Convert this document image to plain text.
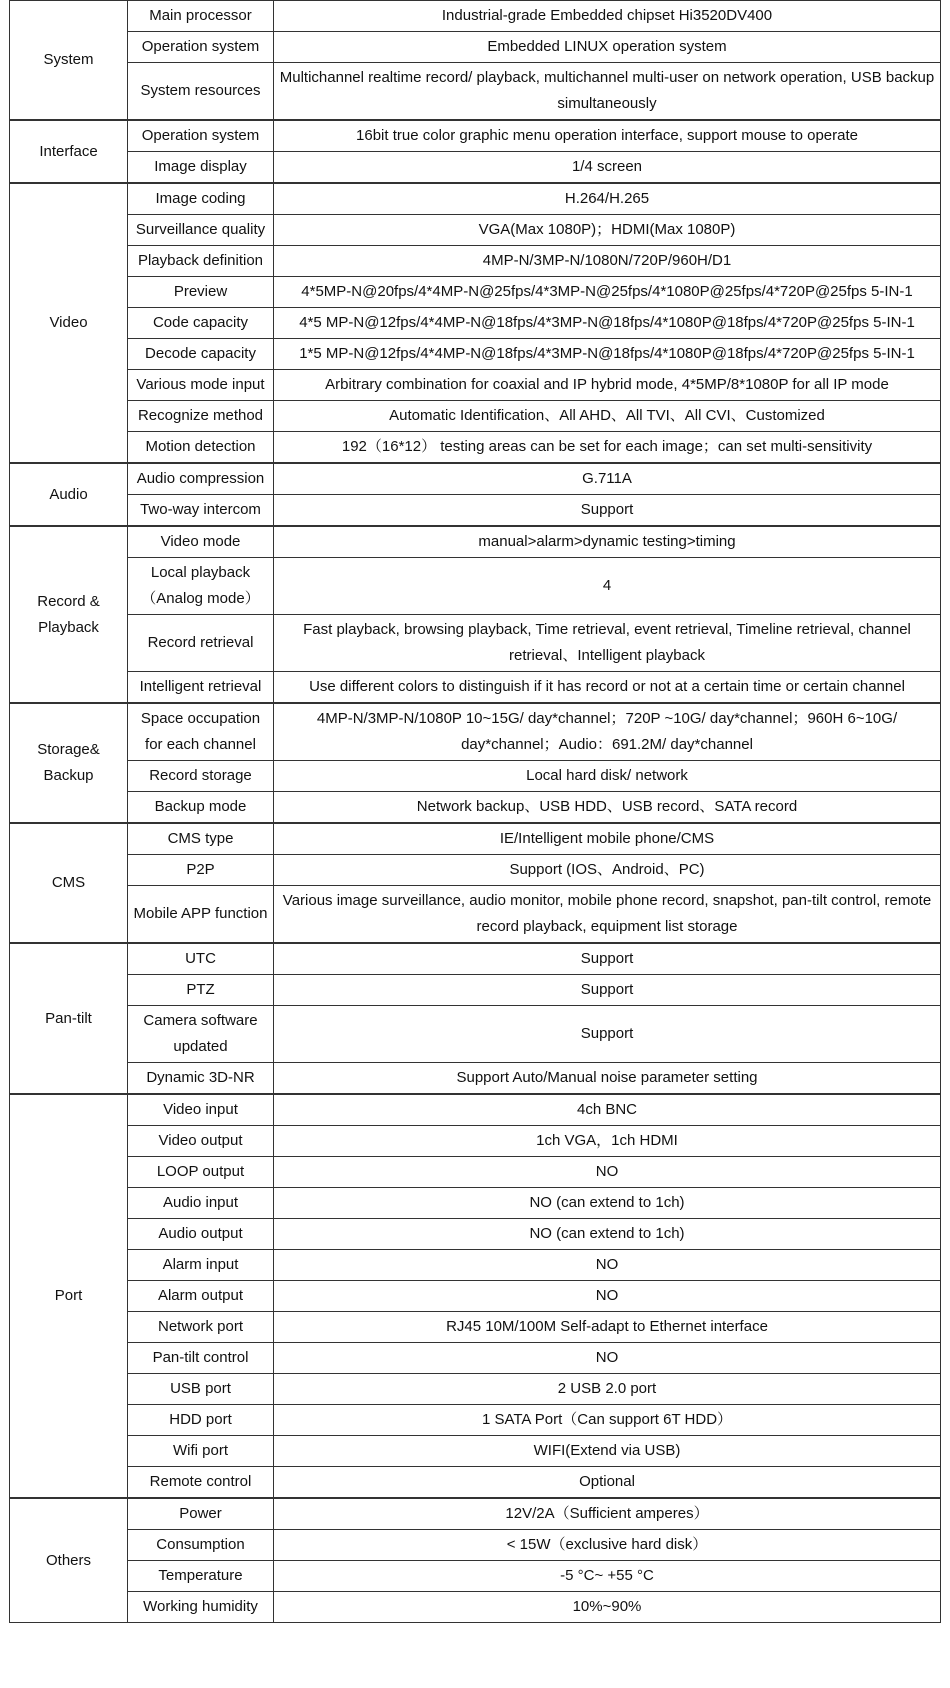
System	Main processor	Industrial-grade Embedded chipset Hi3520DV400
	Operation system	Embedded LINUX operation system
	System resources	Multichannel realtime record/ playback, multichannel multi-user on network operation, USB backup simultaneously
Interface	Operation system	16bit true color graphic menu operation interface, support mouse to operate
	Image display	1/4 screen
Video	Image coding	H.264/H.265
	Surveillance quality	VGA(Max 1080P)；HDMI(Max 1080P)
	Playback definition	4MP-N/3MP-N/1080N/720P/960H/D1
	Preview	4*5MP-N@20fps/4*4MP-N@25fps/4*3MP-N@25fps/4*1080P@25fps/4*720P@25fps 5-IN-1
	Code capacity	4*5 MP-N@12fps/4*4MP-N@18fps/4*3MP-N@18fps/4*1080P@18fps/4*720P@25fps 5-IN-1
	Decode capacity	1*5 MP-N@12fps/4*4MP-N@18fps/4*3MP-N@18fps/4*1080P@18fps/4*720P@25fps 5-IN-1
	Various mode input	Arbitrary combination for coaxial and IP hybrid mode, 4*5MP/8*1080P for all IP mode
	Recognize method	Automatic Identification、All AHD、All TVI、All CVI、Customized
	Motion detection	192（16*12） testing areas can be set for each image；can set multi-sensitivity
Audio	Audio compression	G.711A
	Two-way intercom	Support
Record & Playback	Video mode	manual>alarm>dynamic testing>timing
	Local playback （Analog mode）	4
	Record retrieval	Fast playback, browsing playback, Time retrieval, event retrieval, Timeline retrieval, channel retrieval、Intelligent playback
	Intelligent retrieval	Use different colors to distinguish if it has record or not at a certain time or certain channel
Storage& Backup	Space occupation for each channel	4MP-N/3MP-N/1080P 10~15G/ day*channel；720P ~10G/ day*channel；960H 6~10G/ day*channel；Audio：691.2M/ day*channel
	Record storage	Local hard disk/ network
	Backup mode	Network backup、USB HDD、USB record、SATA record
CMS	CMS type	IE/Intelligent mobile phone/CMS
	P2P	Support (IOS、Android、PC)
	Mobile APP function	Various image surveillance, audio monitor, mobile phone record, snapshot, pan-tilt control, remote record playback, equipment list storage
Pan-tilt	UTC	Support
	PTZ	Support
	Camera software updated	Support
	Dynamic 3D-NR	Support Auto/Manual noise parameter setting
Port	Video input	4ch BNC
	Video output	1ch VGA，1ch HDMI
	LOOP output	NO
	Audio input	NO (can extend to 1ch)
	Audio output	NO (can extend to 1ch)
	Alarm input	NO
	Alarm output	NO
	Network port	RJ45 10M/100M Self-adapt to Ethernet interface
	Pan-tilt control	NO
	USB port	2 USB 2.0 port
	HDD port	1 SATA Port（Can support 6T HDD）
	Wifi port	WIFI(Extend via USB)
	Remote control	Optional
Others	Power	12V/2A（Sufficient amperes）
	Consumption	< 15W（exclusive hard disk）
	Temperature	-5 °C~ +55 °C
	Working humidity	10%~90%
